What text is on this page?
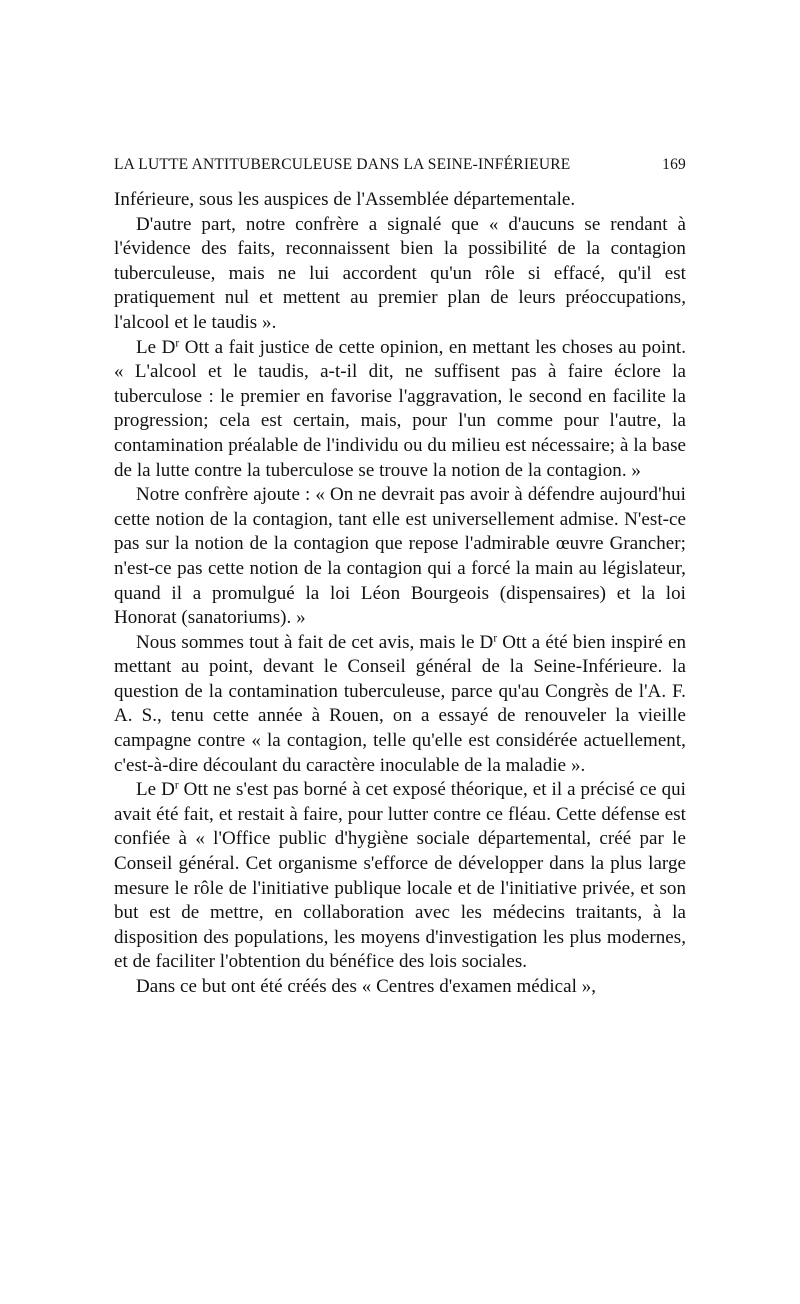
LA LUTTE ANTITUBERCULEUSE DANS LA SEINE-INFÉRIEURE	169

Inférieure, sous les auspices de l'Assemblée départementale.

D'autre part, notre confrère a signalé que « d'aucuns se rendant à l'évidence des faits, reconnaissent bien la possibilité de la contagion tuberculeuse, mais ne lui accordent qu'un rôle si effacé, qu'il est pratiquement nul et mettent au premier plan de leurs préoccupations, l'alcool et le taudis ».

Le $D^r$ Ott a fait justice de cette opinion, en mettant les choses au point. « L'alcool et le taudis, a-t-il dit, ne suffisent pas à faire éclore la tuberculose : le premier en favorise l'aggravation, le second en facilite la progression; cela est certain, mais, pour l'un comme pour l'autre, la contamination préalable de l'individu ou du milieu est nécessaire; à la base de la lutte contre la tuberculose se trouve la notion de la contagion. »

Notre confrère ajoute : « On ne devrait pas avoir à défendre aujourd'hui cette notion de la contagion, tant elle est universellement admise. N'est-ce pas sur la notion de la contagion que repose l'admirable œuvre Grancher; n'est-ce pas cette notion de la contagion qui a forcé la main au législateur, quand il a promulgué la loi Léon Bourgeois (dispensaires) et la loi Honorat (sanatoriums). »

Nous sommes tout à fait de cet avis, mais le $D^r$ Ott a été bien inspiré en mettant au point, devant le Conseil général de la Seine-Inférieure. la question de la contamination tuberculeuse, parce qu'au Congrès de l'A. F. A. S., tenu cette année à Rouen, on a essayé de renouveler la vieille campagne contre « la contagion, telle qu'elle est considérée actuellement, c'est-à-dire découlant du caractère inoculable de la maladie ».

Le $D^r$ Ott ne s'est pas borné à cet exposé théorique, et il a précisé ce qui avait été fait, et restait à faire, pour lutter contre ce fléau. Cette défense est confiée à « l'Office public d'hygiène sociale départemental, créé par le Conseil général. Cet organisme s'efforce de développer dans la plus large mesure le rôle de l'initiative publique locale et de l'initiative privée, et son but est de mettre, en collaboration avec les médecins traitants, à la disposition des populations, les moyens d'investigation les plus modernes, et de faciliter l'obtention du bénéfice des lois sociales.

Dans ce but ont été créés des « Centres d'examen médical »,
